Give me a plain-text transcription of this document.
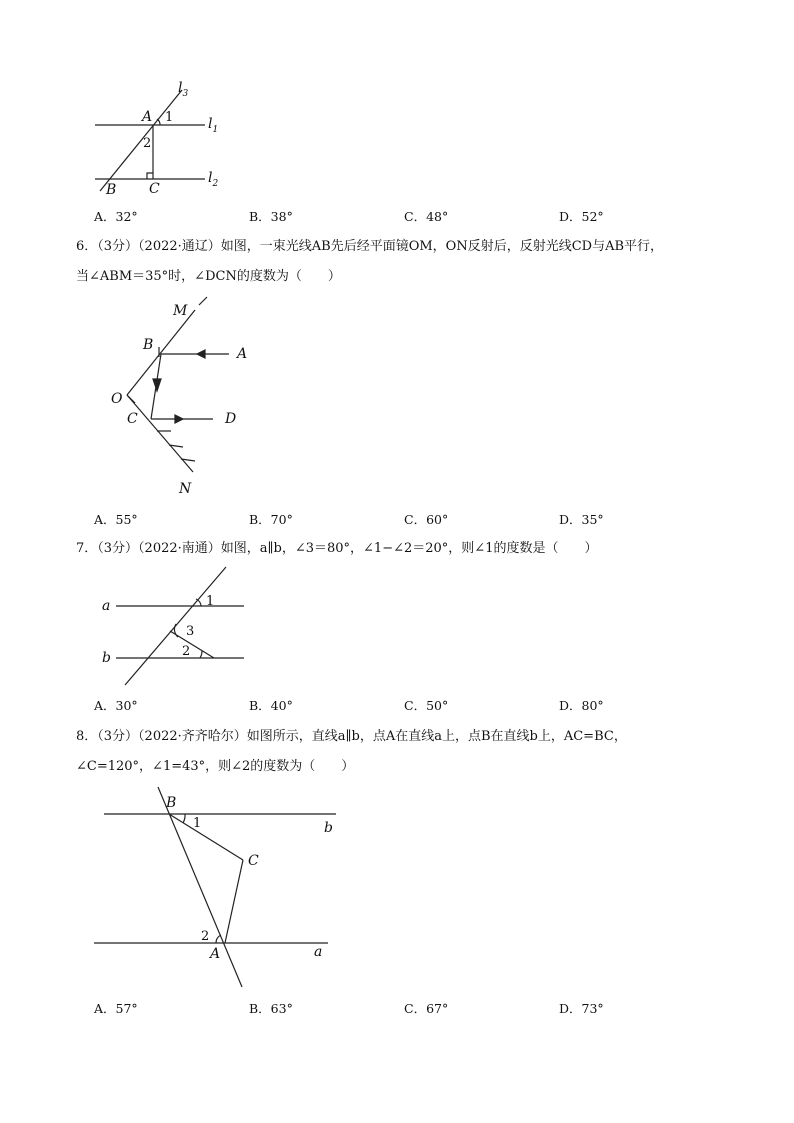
$l_3$
$l_1$
$l_2$
A
B C
1
2
A．32°	B．38°	C．48°	D．52°
6．（3分）（2022·通辽）如图，一束光线AB先后经平面镜OM，ON反射后，反射光线CD与AB平行，
当∠ABM＝35°时，∠DCN的度数为（　　）
M
B
A
O
C	D
N
A．55°	B．70°	C．60°	D．35°
7．（3分）（2022·南通）如图，a∥b，∠3＝80°，∠1−∠2＝20°，则∠1的度数是（　　）
a
b
1
3
2
A．30°	B．40°	C．50°	D．80°
8．（3分）（2022·齐齐哈尔）如图所示，直线a∥b，点A在直线a上，点B在直线b上，AC=BC，
∠C=120°，∠1=43°，则∠2的度数为（　　）
B
b
1
C
2
A	a
A．57°	B．63°	C．67°	D．73°
